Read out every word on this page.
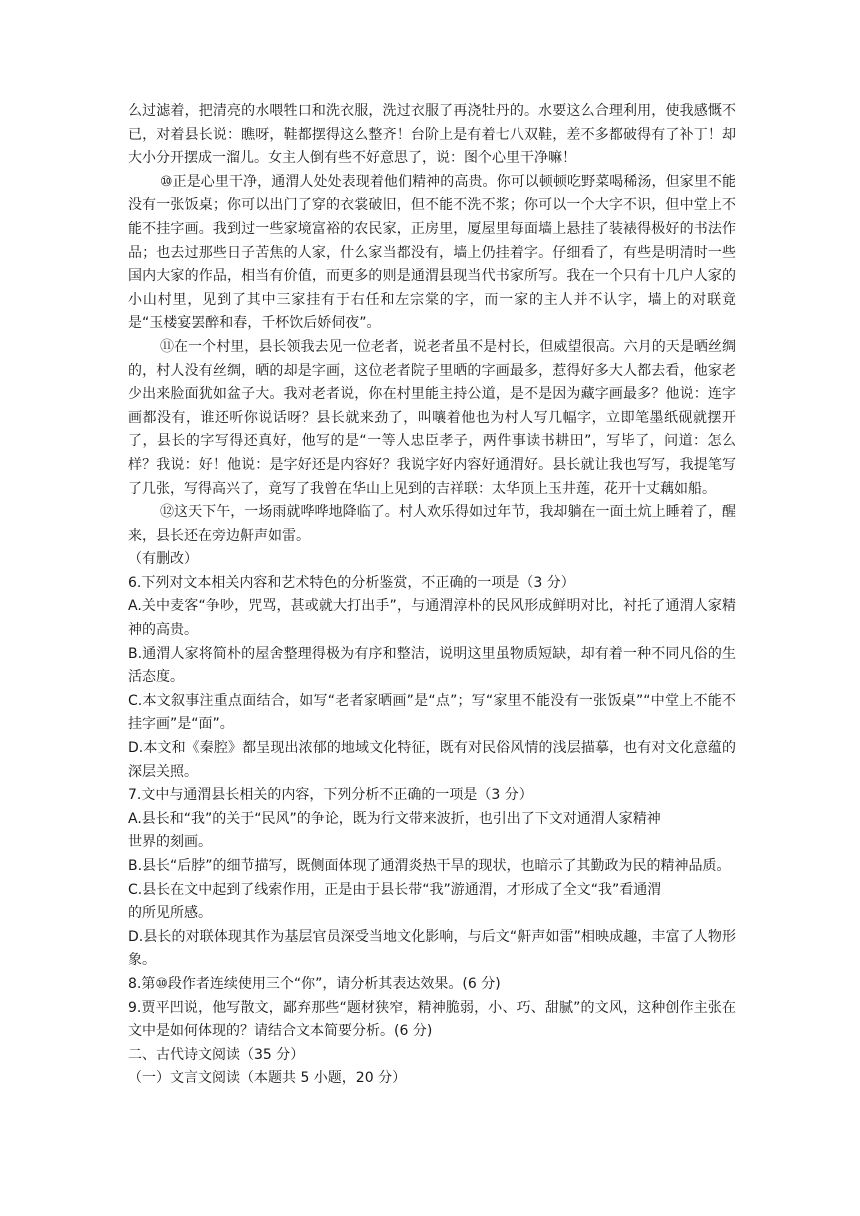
么过滤着，把清亮的水喂牲口和洗衣服，洗过衣服了再浇牡丹的。水要这么合理利用，使我感慨不已，对着县长说：瞧呀，鞋都摆得这么整齐！台阶上是有着七八双鞋，差不多都破得有了补丁！却大小分开摆成一溜儿。女主人倒有些不好意思了，说：图个心里干净嘛！

⑩正是心里干净，通渭人处处表现着他们精神的高贵。你可以顿顿吃野菜喝稀汤，但家里不能没有一张饭桌；你可以出门了穿的衣裳破旧，但不能不洗不浆；你可以一个大字不识，但中堂上不能不挂字画。我到过一些家境富裕的农民家，正房里，厦屋里每面墙上悬挂了装裱得极好的书法作品；也去过那些日子苦焦的人家，什么家当都没有，墙上仍挂着字。仔细看了，有些是明清时一些国内大家的作品，相当有价值，而更多的则是通渭县现当代书家所写。我在一个只有十几户人家的小山村里，见到了其中三家挂有于右任和左宗棠的字，而一家的主人并不认字，墙上的对联竟是“玉楼宴罢醉和春，千杯饮后娇伺夜”。

⑪在一个村里，县长领我去见一位老者，说老者虽不是村长，但威望很高。六月的天是晒丝绸的，村人没有丝绸，晒的却是字画，这位老者院子里晒的字画最多，惹得好多大人都去看，他家老少出来脸面犹如盆子大。我对老者说，你在村里能主持公道，是不是因为藏字画最多？他说：连字画都没有，谁还听你说话呀？县长就来劲了，叫嚷着他也为村人写几幅字，立即笔墨纸砚就摆开了，县长的字写得还真好，他写的是“一等人忠臣孝子，两件事读书耕田”，写毕了，问道：怎么样？我说：好！他说：是字好还是内容好？我说字好内容好通渭好。县长就让我也写写，我提笔写了几张，写得高兴了，竟写了我曾在华山上见到的吉祥联：太华顶上玉井莲，花开十丈藕如船。

⑫这天下午，一场雨就哗哗地降临了。村人欢乐得如过年节，我却躺在一面土炕上睡着了，醒来，县长还在旁边鼾声如雷。

（有删改）

6.下列对文本相关内容和艺术特色的分析鉴赏，不正确的一项是（3 分）

A.关中麦客“争吵，咒骂，甚或就大打出手”，与通渭淳朴的民风形成鲜明对比，衬托了通渭人家精神的高贵。

B.通渭人家将简朴的屋舍整理得极为有序和整洁，说明这里虽物质短缺，却有着一种不同凡俗的生活态度。

C.本文叙事注重点面结合，如写“老者家晒画”是“点”；写“家里不能没有一张饭桌”“中堂上不能不挂字画”是“面”。

D.本文和《秦腔》都呈现出浓郁的地域文化特征，既有对民俗风情的浅层描摹，也有对文化意蕴的深层关照。

7.文中与通渭县长相关的内容，下列分析不正确的一项是（3 分）

A.县长和“我”的关于“民风”的争论，既为行文带来波折，也引出了下文对通渭人家精神

世界的刻画。

B.县长“后脖”的细节描写，既侧面体现了通渭炎热干旱的现状，也暗示了其勤政为民的精神品质。

C.县长在文中起到了线索作用，正是由于县长带“我”游通渭，才形成了全文“我”看通渭

的所见所感。

D.县长的对联体现其作为基层官员深受当地文化影响，与后文“鼾声如雷”相映成趣，丰富了人物形象。

8.第⑩段作者连续使用三个“你”，请分析其表达效果。(6 分)

9.贾平凹说，他写散文，鄙弃那些“题材狭窄，精神脆弱，小、巧、甜腻”的文风，这种创作主张在文中是如何体现的？请结合文本简要分析。(6 分)

二、古代诗文阅读（35 分）

（一）文言文阅读（本题共 5 小题，20 分）
